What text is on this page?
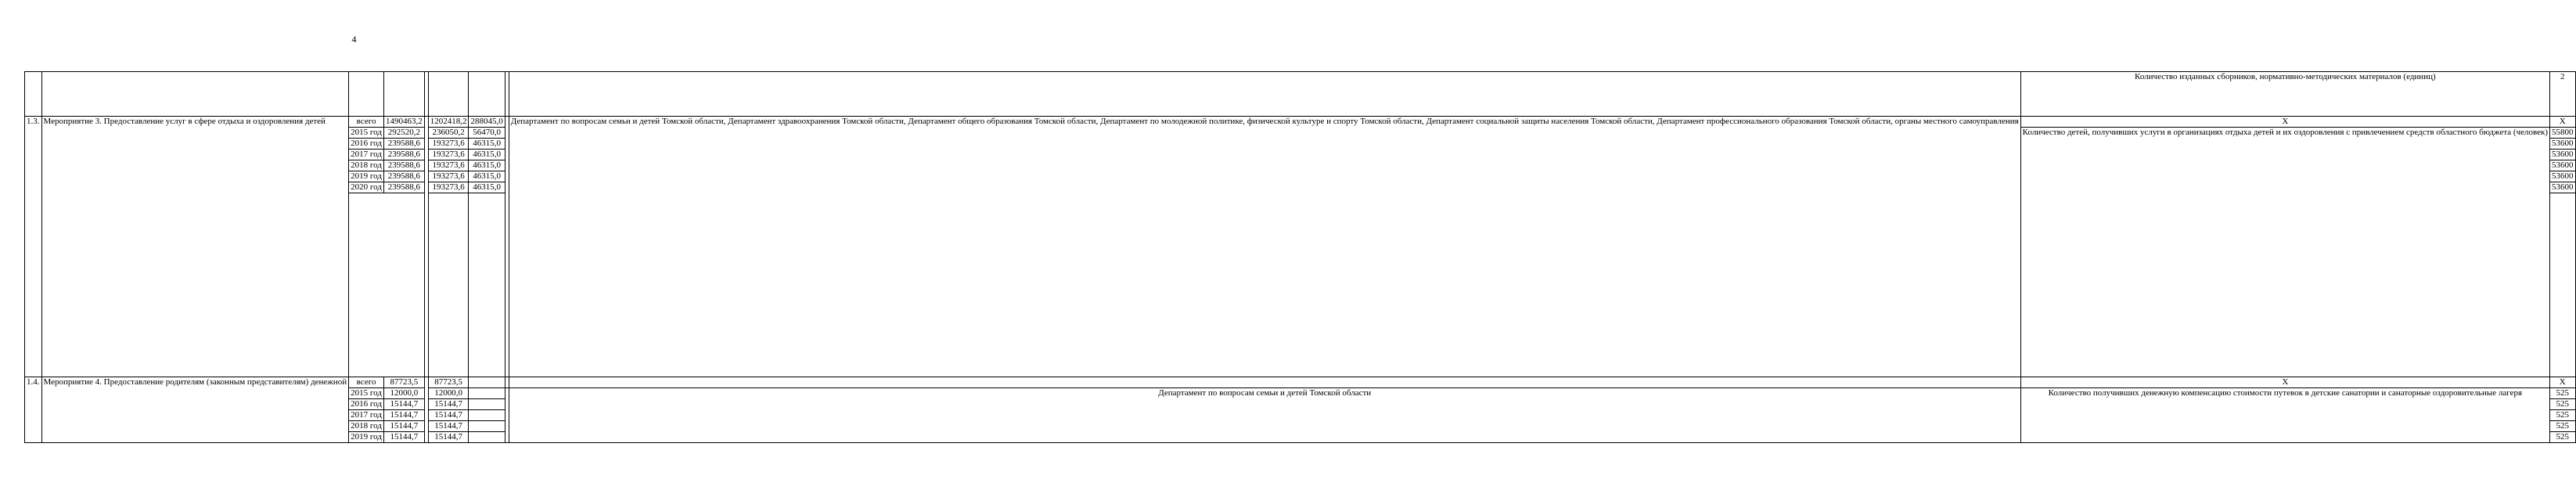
4
									Количество изданных сборников, нормативно-методических материалов (единиц)	2
1.3.	Мероприятие 3. Предоставление услуг в сфере отдыха и оздоровления детей	всего	1490463,2		1202418,2	288045,0		Департамент по вопросам семьи и детей Томской области, Департамент здравоохранения Томской области, Департамент общего образования Томской области, Департамент по молодежной политике, физической культуре и спорту Томской области, Департамент социальной защиты населения Томской области, Департамент профессионального образования Томской области, органы местного самоуправления	Х	Х
		2015 год	292520,2		236050,2	56470,0			Количество детей, получивших услуги в организациях отдыха детей и их оздоровления с привлечением средств областного бюджета (человек)	55800
		2016 год	239588,6		193273,6	46315,0				53600
		2017 год	239588,6		193273,6	46315,0				53600
		2018 год	239588,6		193273,6	46315,0				53600
		2019 год	239588,6		193273,6	46315,0				53600
		2020 год	239588,6		193273,6	46315,0				53600

1.4.	Мероприятие 4. Предоставление родителям (законным представителям) денежной	всего	87723,5		87723,5				Х	Х
		2015 год	12000,0		12000,0			Департамент по вопросам семьи и детей Томской области	Количество получивших денежную компенсацию стоимости путевок в детские санатории и санаторные оздоровительные лагеря	525
		2016 год	15144,7		15144,7					525
		2017 год	15144,7		15144,7					525
		2018 год	15144,7		15144,7					525
		2019 год	15144,7		15144,7					525
